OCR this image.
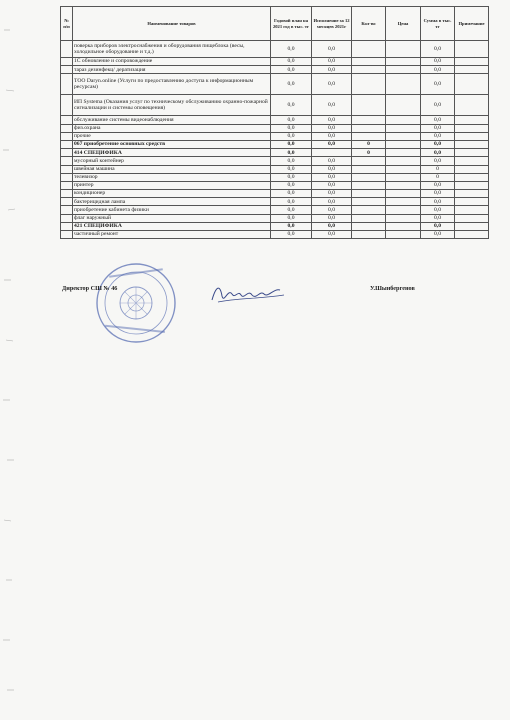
№ п/п	Наименование товаров	Годовой план на 2021 год в тыс. тг	Исполнение за 12 месяцев 2021г	Кол-во	Цена	Сумма в тыс. тг	Примечание
	поверка приборов электроснабжения и оборудования пищеблока (весы, холодильное оборудование и т.д.)	0,0	0,0			0,0	
	1С обновление и сопровождение	0,0	0,0			0,0	
	тараз дезинфекц/ дератизация	0,0	0,0			0,0	
	ТОО Daryn.online (Услуги по предоставлению доступа к информационным ресурсам)	0,0	0,0			0,0	
	ИП Systema (Оказания услуг по техническому обслуживанию охранно-пожарной сигнализации и системы оповещения)	0,0	0,0			0,0	
	обслуживание системы видеонаблюдения	0,0	0,0			0,0	
	физ.охрана	0,0	0,0			0,0	
	прочие	0,0	0,0			0,0	
	067 приобретение основных средств	0,0	0,0	0		0,0	
	414 СПЕЦИФИКА	0,0		0		0,0	
	мусорный контейнер	0,0	0,0			0,0	
	швейная машина	0,0	0,0			0	
	телевизор	0,0	0,0			0	
	принтер	0,0	0,0			0,0	
	кондиционер	0,0	0,0			0,0	
	бактерицидная лампа	0,0	0,0			0,0	
	приобретение кабинета физики	0,0	0,0			0,0	
	флаг наружный	0,0	0,0			0,0	
	421 СПЕЦИФИКА	0,0	0,0			0,0	
	частичный ремонт	0,0	0,0			0,0	
Директор СШ № 46	У.Шынбергенов
